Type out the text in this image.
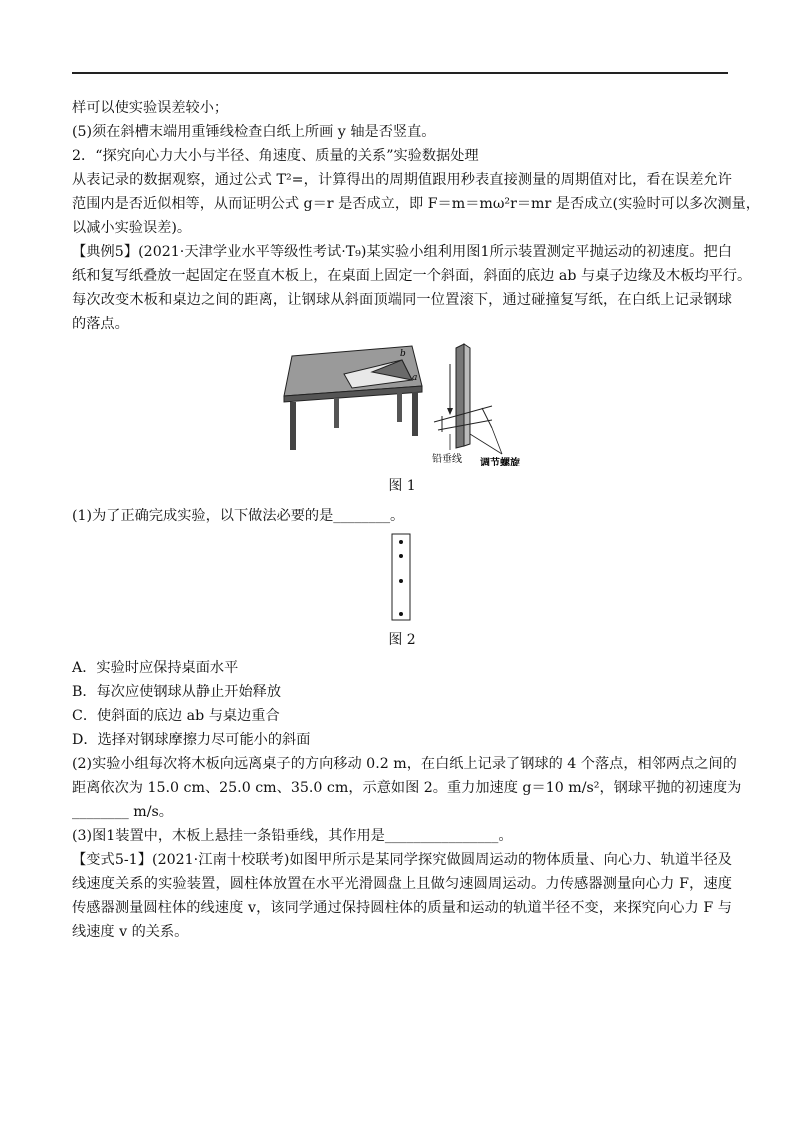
样可以使实验误差较小；
(5)须在斜槽末端用重锤线检查白纸上所画 y 轴是否竖直。
2．“探究向心力大小与半径、角速度、质量的关系”实验数据处理
从表记录的数据观察，通过公式 T²=，计算得出的周期值跟用秒表直接测量的周期值对比，看在误差允许
范围内是否近似相等，从而证明公式 g＝r 是否成立，即 F＝m＝mω²r＝mr 是否成立(实验时可以多次测量，
以减小实验误差)。
【典例5】(2021·天津学业水平等级性考试·T₉)某实验小组利用图1所示装置测定平抛运动的初速度。把白
纸和复写纸叠放一起固定在竖直木板上，在桌面上固定一个斜面，斜面的底边 ab 与桌子边缘及木板均平行。
每次改变木板和桌边之间的距离，让钢球从斜面顶端同一位置滚下，通过碰撞复写纸，在白纸上记录钢球
的落点。
b
a
铅垂线 调节螺旋
图 1
(1)为了正确完成实验，以下做法必要的是________。
图 2
A．实验时应保持桌面水平
B．每次应使钢球从静止开始释放
C．使斜面的底边 ab 与桌边重合
D．选择对钢球摩擦力尽可能小的斜面
(2)实验小组每次将木板向远离桌子的方向移动 0.2 m，在白纸上记录了钢球的 4 个落点，相邻两点之间的
距离依次为 15.0 cm、25.0 cm、35.0 cm，示意如图 2。重力加速度 g＝10 m/s²，钢球平抛的初速度为
________ m/s。
(3)图1装置中，木板上悬挂一条铅垂线，其作用是________________。
【变式5-1】(2021·江南十校联考)如图甲所示是某同学探究做圆周运动的物体质量、向心力、轨道半径及
线速度关系的实验装置，圆柱体放置在水平光滑圆盘上且做匀速圆周运动。力传感器测量向心力 F，速度
传感器测量圆柱体的线速度 v，该同学通过保持圆柱体的质量和运动的轨道半径不变，来探究向心力 F 与
线速度 v 的关系。
